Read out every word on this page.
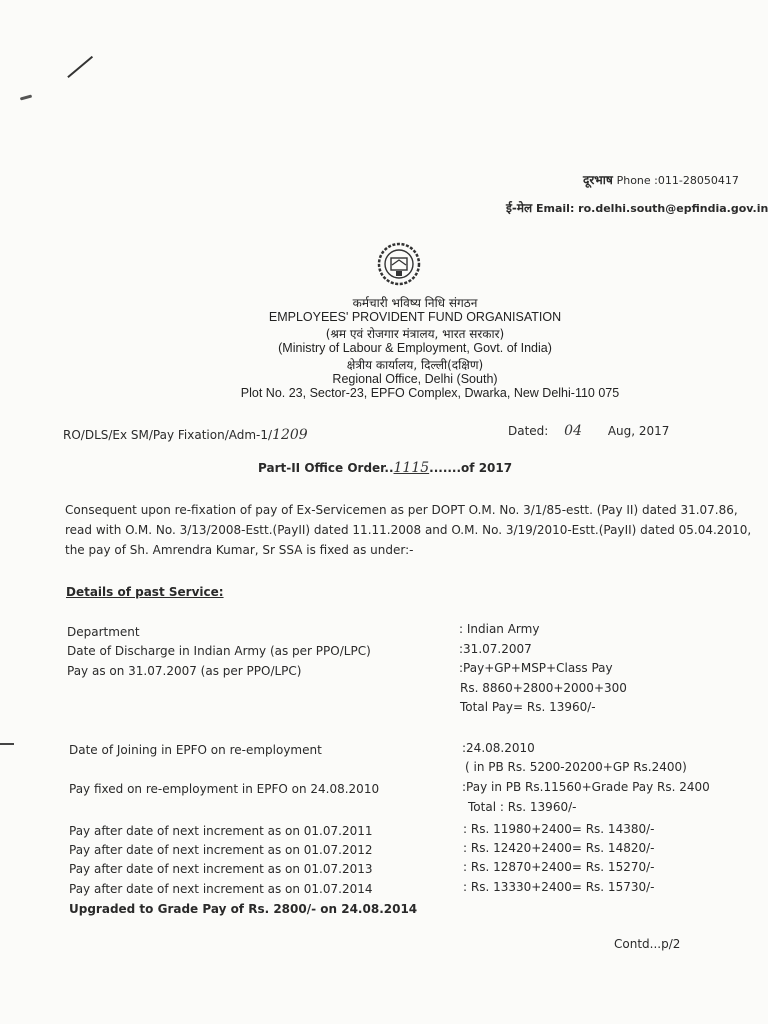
दूरभाष Phone :011-28050417
ई-मेल Email: ro.delhi.south@epfindia.gov.in
कर्मचारी भविष्य निधि संगठन
EMPLOYEES' PROVIDENT FUND ORGANISATION
(श्रम एवं रोजगार मंत्रालय, भारत सरकार)
(Ministry of Labour & Employment, Govt. of India)
क्षेत्रीय कार्यालय, दिल्ली(दक्षिण)
Regional Office, Delhi (South)
Plot No. 23, Sector-23, EPFO Complex, Dwarka, New Delhi-110 075
RO/DLS/Ex SM/Pay Fixation/Adm-1/1209	Dated: 04 Aug, 2017
Part-II Office Order..1115.......of 2017
Consequent upon re-fixation of pay of Ex-Servicemen as per DOPT O.M. No. 3/1/85-estt. (Pay II) dated 31.07.86, read with O.M. No. 3/13/2008-Estt.(PayII) dated 11.11.2008 and O.M. No. 3/19/2010-Estt.(PayII) dated 05.04.2010, the pay of Sh. Amrendra Kumar, Sr SSA is fixed as under:-
Details of past Service:
Department	: Indian Army
Date of Discharge in Indian Army (as per PPO/LPC)	:31.07.2007
Pay as on 31.07.2007 (as per PPO/LPC)	:Pay+GP+MSP+Class Pay
Rs. 8860+2800+2000+300
Total Pay= Rs. 13960/-
Date of Joining in EPFO on re-employment	:24.08.2010
( in PB Rs. 5200-20200+GP Rs.2400)
Pay fixed on re-employment in EPFO on 24.08.2010	:Pay in PB Rs.11560+Grade Pay Rs. 2400
Total : Rs. 13960/-
Pay after date of next increment as on 01.07.2011	: Rs. 11980+2400= Rs. 14380/-
Pay after date of next increment as on 01.07.2012	: Rs. 12420+2400= Rs. 14820/-
Pay after date of next increment as on 01.07.2013	: Rs. 12870+2400= Rs. 15270/-
Pay after date of next increment as on 01.07.2014	: Rs. 13330+2400= Rs. 15730/-
Upgraded to Grade Pay of Rs. 2800/- on 24.08.2014
Contd...p/2
